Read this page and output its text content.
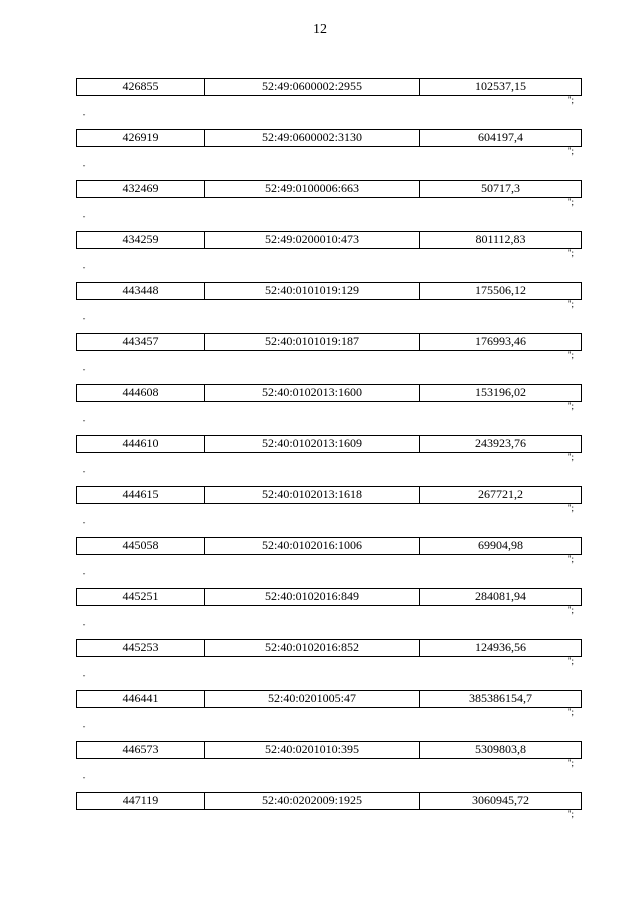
12
426855	52:49:0600002:2955	102537,15
";
"
426919	52:49:0600002:3130	604197,4
";
"
432469	52:49:0100006:663	50717,3
";
"
434259	52:49:0200010:473	801112,83
";
"
443448	52:40:0101019:129	175506,12
";
"
443457	52:40:0101019:187	176993,46
";
"
444608	52:40:0102013:1600	153196,02
";
"
444610	52:40:0102013:1609	243923,76
";
"
444615	52:40:0102013:1618	267721,2
";
"
445058	52:40:0102016:1006	69904,98
";
"
445251	52:40:0102016:849	284081,94
";
"
445253	52:40:0102016:852	124936,56
";
"
446441	52:40:0201005:47	385386154,7
";
"
446573	52:40:0201010:395	5309803,8
";
"
447119	52:40:0202009:1925	3060945,72
";
